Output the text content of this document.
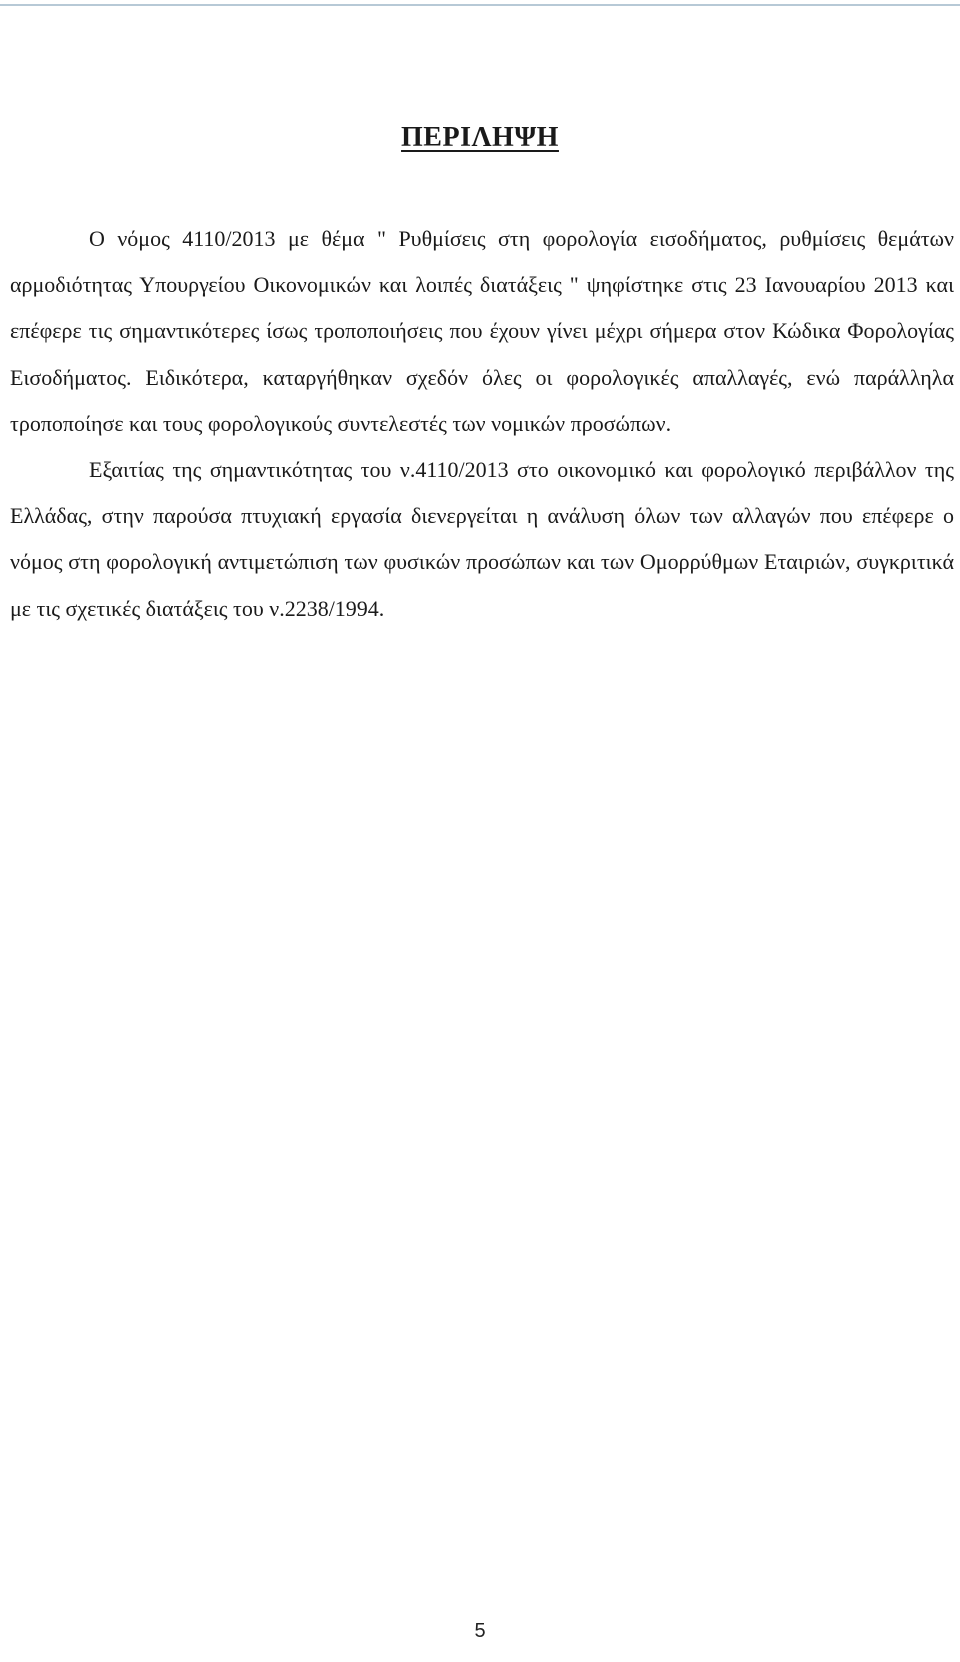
ΠΕΡΙΛΗΨΗ

Ο νόμος 4110/2013 με θέμα " Ρυθμίσεις στη φορολογία εισοδήματος, ρυθμίσεις θεμάτων αρμοδιότητας Υπουργείου Οικονομικών και λοιπές διατάξεις " ψηφίστηκε στις 23 Ιανουαρίου 2013 και επέφερε τις σημαντικότερες ίσως τροποποιήσεις που έχουν γίνει μέχρι σήμερα στον Κώδικα Φορολογίας Εισοδήματος. Ειδικότερα, καταργήθηκαν σχεδόν όλες οι φορολογικές απαλλαγές, ενώ παράλληλα τροποποίησε και τους φορολογικούς συντελεστές των νομικών προσώπων.

Εξαιτίας της σημαντικότητας του ν.4110/2013 στο οικονομικό και φορολογικό περιβάλλον της Ελλάδας, στην παρούσα πτυχιακή εργασία διενεργείται η ανάλυση όλων των αλλαγών που επέφερε ο νόμος στη φορολογική αντιμετώπιση των φυσικών προσώπων και των Ομορρύθμων Εταιριών, συγκριτικά με τις σχετικές διατάξεις του ν.2238/1994.

5
